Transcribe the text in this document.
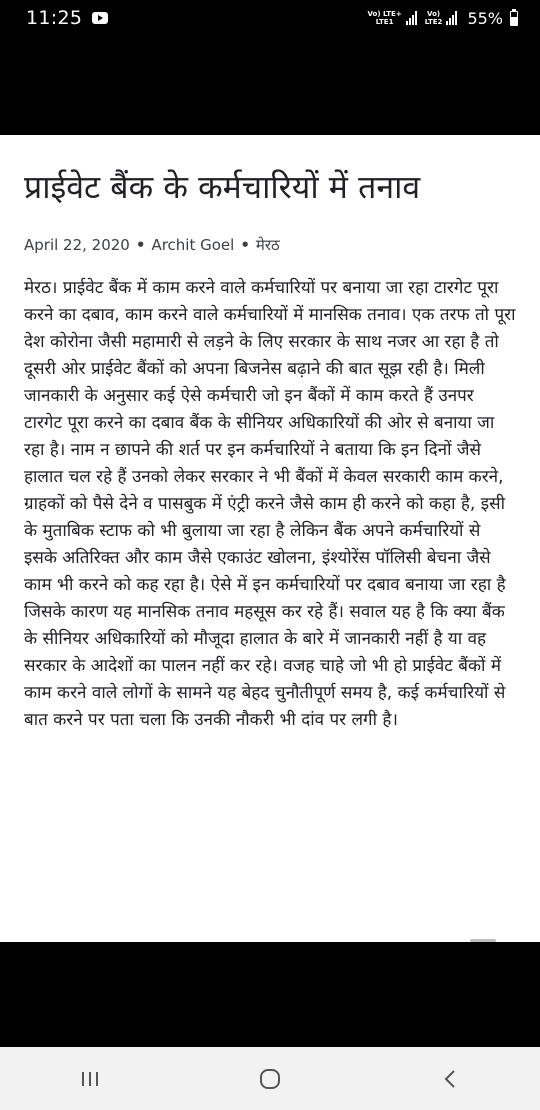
11:25	Vo) LTE+
LTE1
Vo)
LTE2 55%
प्राईवेट बैंक के कर्मचारियों में तनाव
April 22, 2020 • Archit Goel • मेरठ
मेरठ। प्राईवेट बैंक में काम करने वाले कर्मचारियों पर बनाया जा रहा टारगेट पूरा करने का दबाव, काम करने वाले कर्मचारियों में मानसिक तनाव। एक तरफ तो पूरा देश कोरोना जैसी महामारी से लड़ने के लिए सरकार के साथ नजर आ रहा है तो दूसरी ओर प्राईवेट बैंकों को अपना बिजनेस बढ़ाने की बात सूझ रही है। मिली जानकारी के अनुसार कई ऐसे कर्मचारी जो इन बैंकों में काम करते हैं उनपर टारगेट पूरा करने का दबाव बैंक के सीनियर अधिकारियों की ओर से बनाया जा रहा है। नाम न छापने की शर्त पर इन कर्मचारियों ने बताया कि इन दिनों जैसे हालात चल रहे हैं उनको लेकर सरकार ने भी बैंकों में केवल सरकारी काम करने, ग्राहकों को पैसे देने व पासबुक में एंट्री करने जैसे काम ही करने को कहा है, इसी के मुताबिक स्टाफ को भी बुलाया जा रहा है लेकिन बैंक अपने कर्मचारियों से इसके अतिरिक्त और काम जैसे एकाउंट खोलना, इंश्योरेंस पॉलिसी बेचना जैसे काम भी करने को कह रहा है। ऐसे में इन कर्मचारियों पर दबाव बनाया जा रहा है जिसके कारण यह मानसिक तनाव महसूस कर रहे हैं। सवाल यह है कि क्या बैंक के सीनियर अधिकारियों को मौजूदा हालात के बारे में जानकारी नहीं है या वह सरकार के आदेशों का पालन नहीं कर रहे। वजह चाहे जो भी हो प्राईवेट बैंकों में काम करने वाले लोगों के सामने यह बेहद चुनौतीपूर्ण समय है, कई कर्मचारियों से बात करने पर पता चला कि उनकी नौकरी भी दांव पर लगी है।
